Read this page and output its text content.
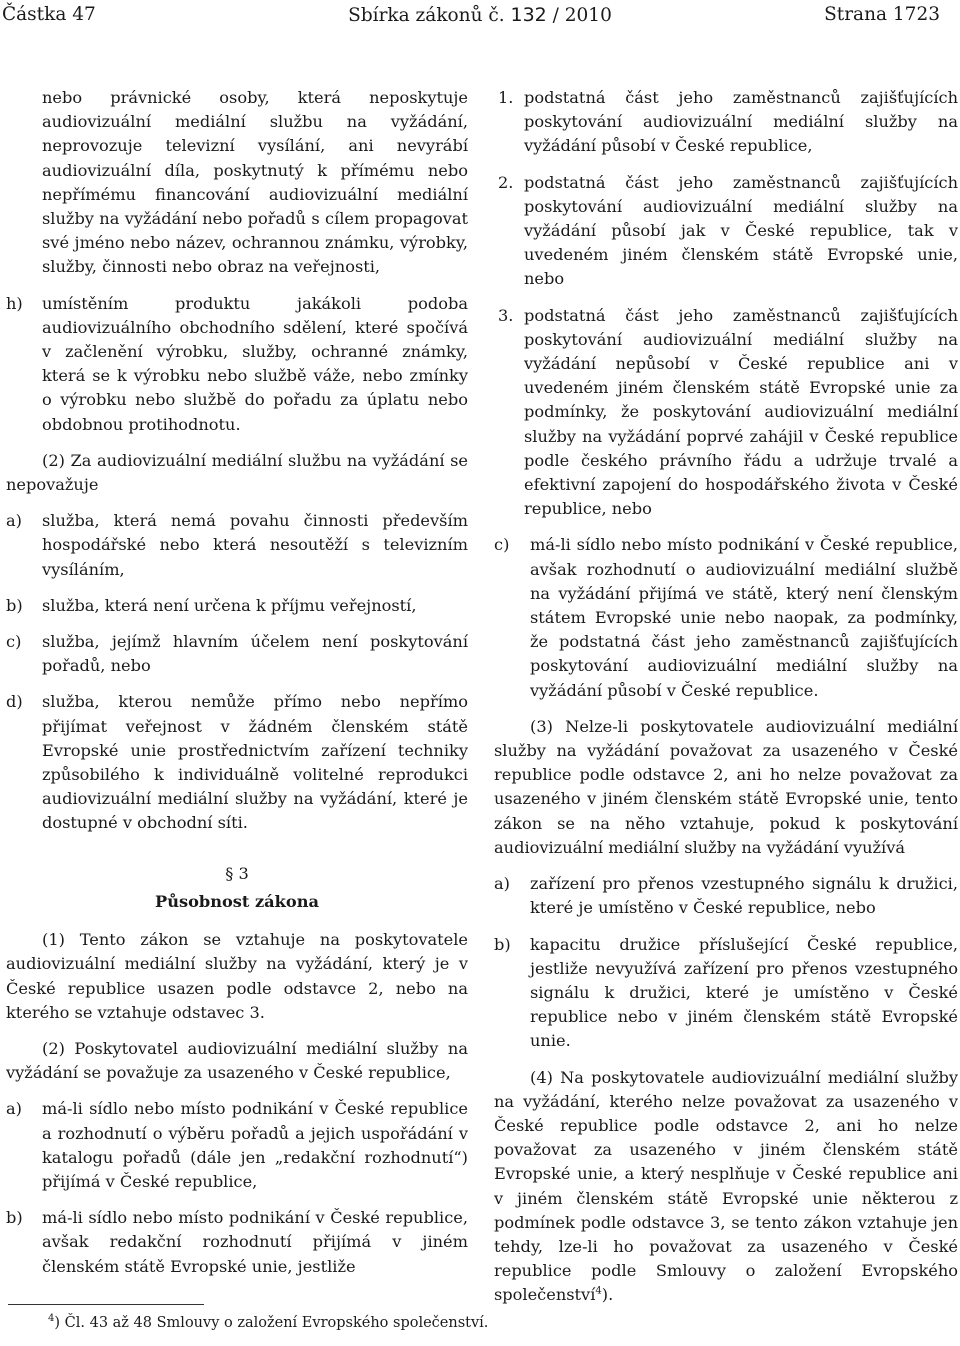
Částka 47	Sbírka zákonů č. 132 / 2010	Strana 1723

nebo právnické osoby, která neposkytuje audiovizuální mediální službu na vyžádání, neprovozuje televizní vysílání, ani nevyrábí audiovizuální díla, poskytnutý k přímému nebo nepřímému financování audiovizuální mediální služby na vyžádání nebo pořadů s cílem propagovat své jméno nebo název, ochrannou známku, výrobky, služby, činnosti nebo obraz na veřejnosti,

h)	umístěním produktu jakákoli podoba audiovizuálního obchodního sdělení, které spočívá v začlenění výrobku, služby, ochranné známky, která se k výrobku nebo službě váže, nebo zmínky o výrobku nebo službě do pořadu za úplatu nebo obdobnou protihodnotu.

(2) Za audiovizuální mediální službu na vyžádání se nepovažuje

a)	služba, která nemá povahu činnosti především hospodářské nebo která nesoutěží s televizním vysíláním,
b)	služba, která není určena k příjmu veřejností,
c)	služba, jejímž hlavním účelem není poskytování pořadů, nebo
d)	služba, kterou nemůže přímo nebo nepřímo přijímat veřejnost v žádném členském státě Evropské unie prostřednictvím zařízení techniky způsobilého k individuálně volitelné reprodukci audiovizuální mediální služby na vyžádání, které je dostupné v obchodní síti.
§ 3
Působnost zákona

(1) Tento zákon se vztahuje na poskytovatele audiovizuální mediální služby na vyžádání, který je v České republice usazen podle odstavce 2, nebo na kterého se vztahuje odstavec 3.

(2) Poskytovatel audiovizuální mediální služby na vyžádání se považuje za usazeného v České republice,

a)	má-li sídlo nebo místo podnikání v České republice a rozhodnutí o výběru pořadů a jejich uspořádání v katalogu pořadů (dále jen „redakční rozhodnutí“) přijímá v České republice,
b)	má-li sídlo nebo místo podnikání v České republice, avšak redakční rozhodnutí přijímá v jiném členském státě Evropské unie, jestliže
1. podstatná část jeho zaměstnanců zajišťujících poskytování audiovizuální mediální služby na vyžádání působí v České republice,
2. podstatná část jeho zaměstnanců zajišťujících poskytování audiovizuální mediální služby na vyžádání působí jak v České republice, tak v uvedeném jiném členském státě Evropské unie, nebo
3. podstatná část jeho zaměstnanců zajišťujících poskytování audiovizuální mediální služby na vyžádání nepůsobí v České republice ani v uvedeném jiném členském státě Evropské unie za podmínky, že poskytování audiovizuální mediální služby na vyžádání poprvé zahájil v České republice podle českého právního řádu a udržuje trvalé a efektivní zapojení do hospodářského života v České republice, nebo
c)	má-li sídlo nebo místo podnikání v České republice, avšak rozhodnutí o audiovizuální mediální službě na vyžádání přijímá ve státě, který není členským státem Evropské unie nebo naopak, za podmínky, že podstatná část jeho zaměstnanců zajišťujících poskytování audiovizuální mediální služby na vyžádání působí v České republice.

(3) Nelze-li poskytovatele audiovizuální mediální služby na vyžádání považovat za usazeného v České republice podle odstavce 2, ani ho nelze považovat za usazeného v jiném členském státě Evropské unie, tento zákon se na něho vztahuje, pokud k poskytování audiovizuální mediální služby na vyžádání využívá

a)	zařízení pro přenos vzestupného signálu k družici, které je umístěno v České republice, nebo
b)	kapacitu družice příslušející České republice, jestliže nevyužívá zařízení pro přenos vzestupného signálu k družici, které je umístěno v České republice nebo v jiném členském státě Evropské unie.

(4) Na poskytovatele audiovizuální mediální služby na vyžádání, kterého nelze považovat za usazeného v České republice podle odstavce 2, ani ho nelze považovat za usazeného v jiném členském státě Evropské unie, a který nesplňuje v České republice ani v jiném členském státě Evropské unie některou z podmínek podle odstavce 3, se tento zákon vztahuje jen tehdy, lze-li ho považovat za usazeného v České republice podle Smlouvy o založení Evropského společenství$^4$).

$^4$) Čl. 43 až 48 Smlouvy o založení Evropského společenství.
